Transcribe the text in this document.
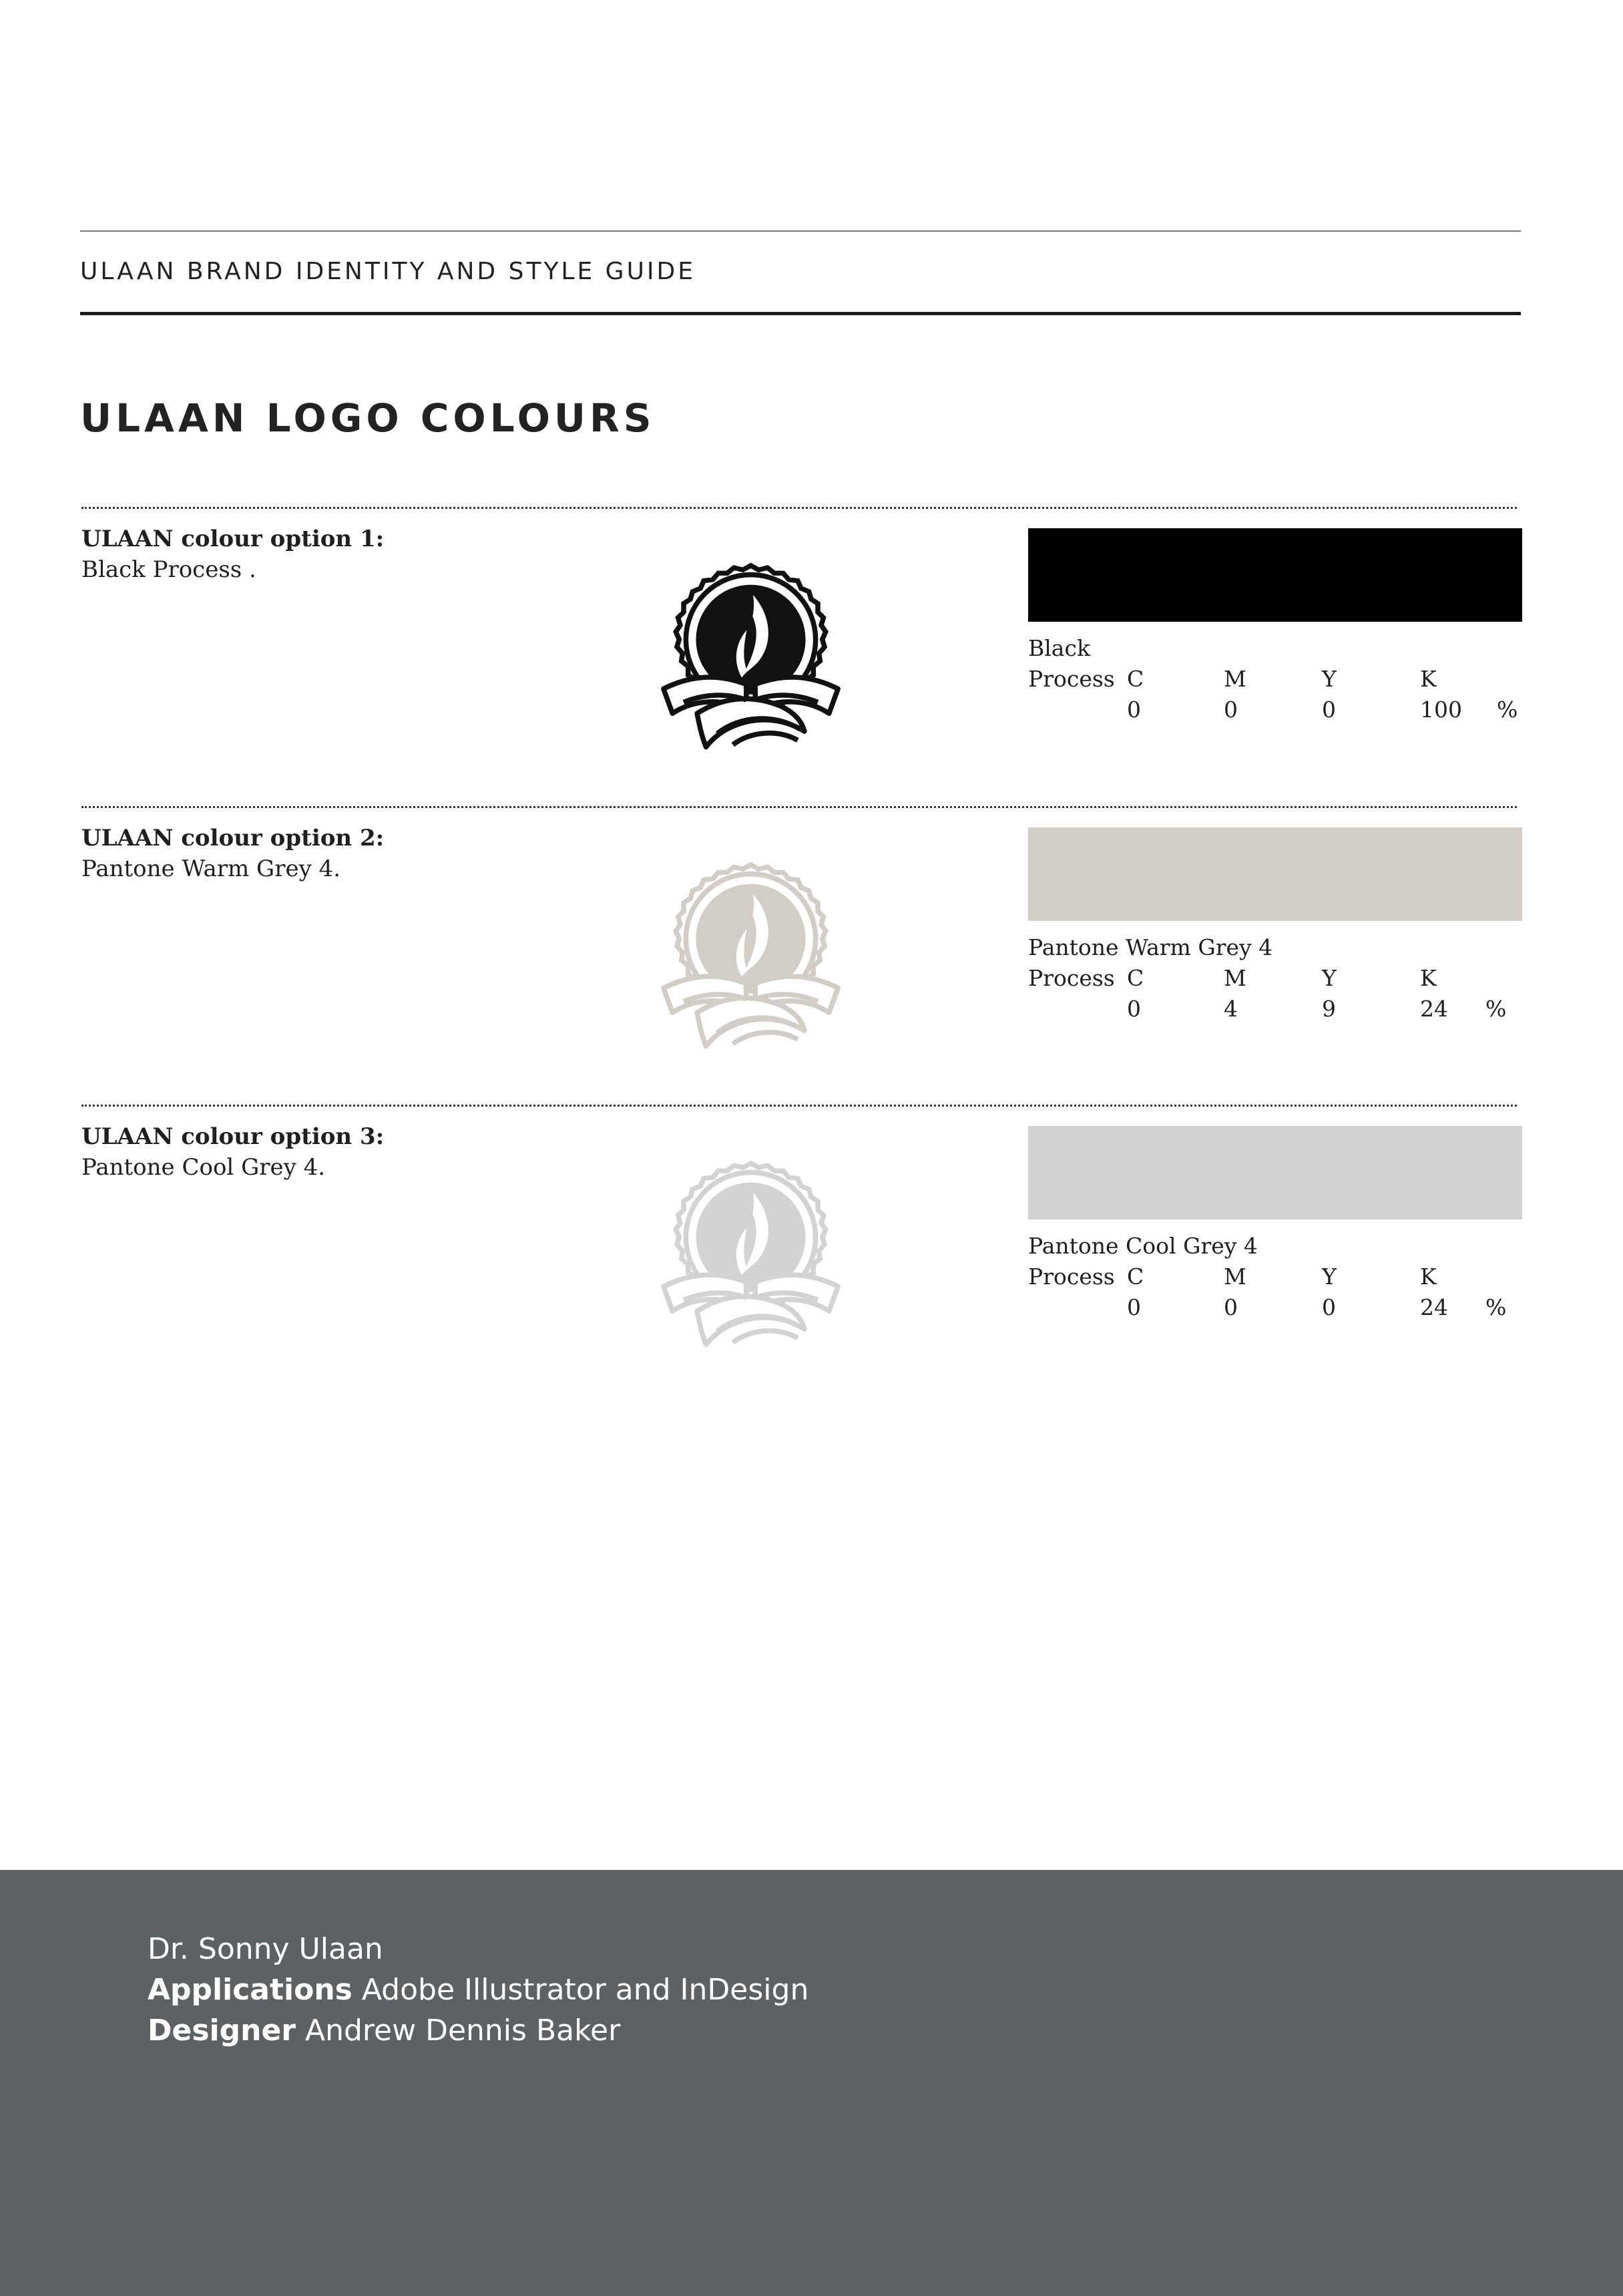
ULAAN BRAND IDENTITY AND STYLE GUIDE
ULAAN LOGO COLOURS
ULAAN colour option 1:
Black Process .
Black
Process C	M	Y	K
0	0	0	100 %
ULAAN colour option 2:
Pantone Warm Grey 4.
Pantone Warm Grey 4
Process C	M	Y	K
0	4	9	24 %
ULAAN colour option 3:
Pantone Cool Grey 4.
Pantone Cool Grey 4
Process C	M	Y	K
0	0	0	24 %
Dr. Sonny Ulaan
Applications Adobe Illustrator and InDesign
Designer Andrew Dennis Baker
